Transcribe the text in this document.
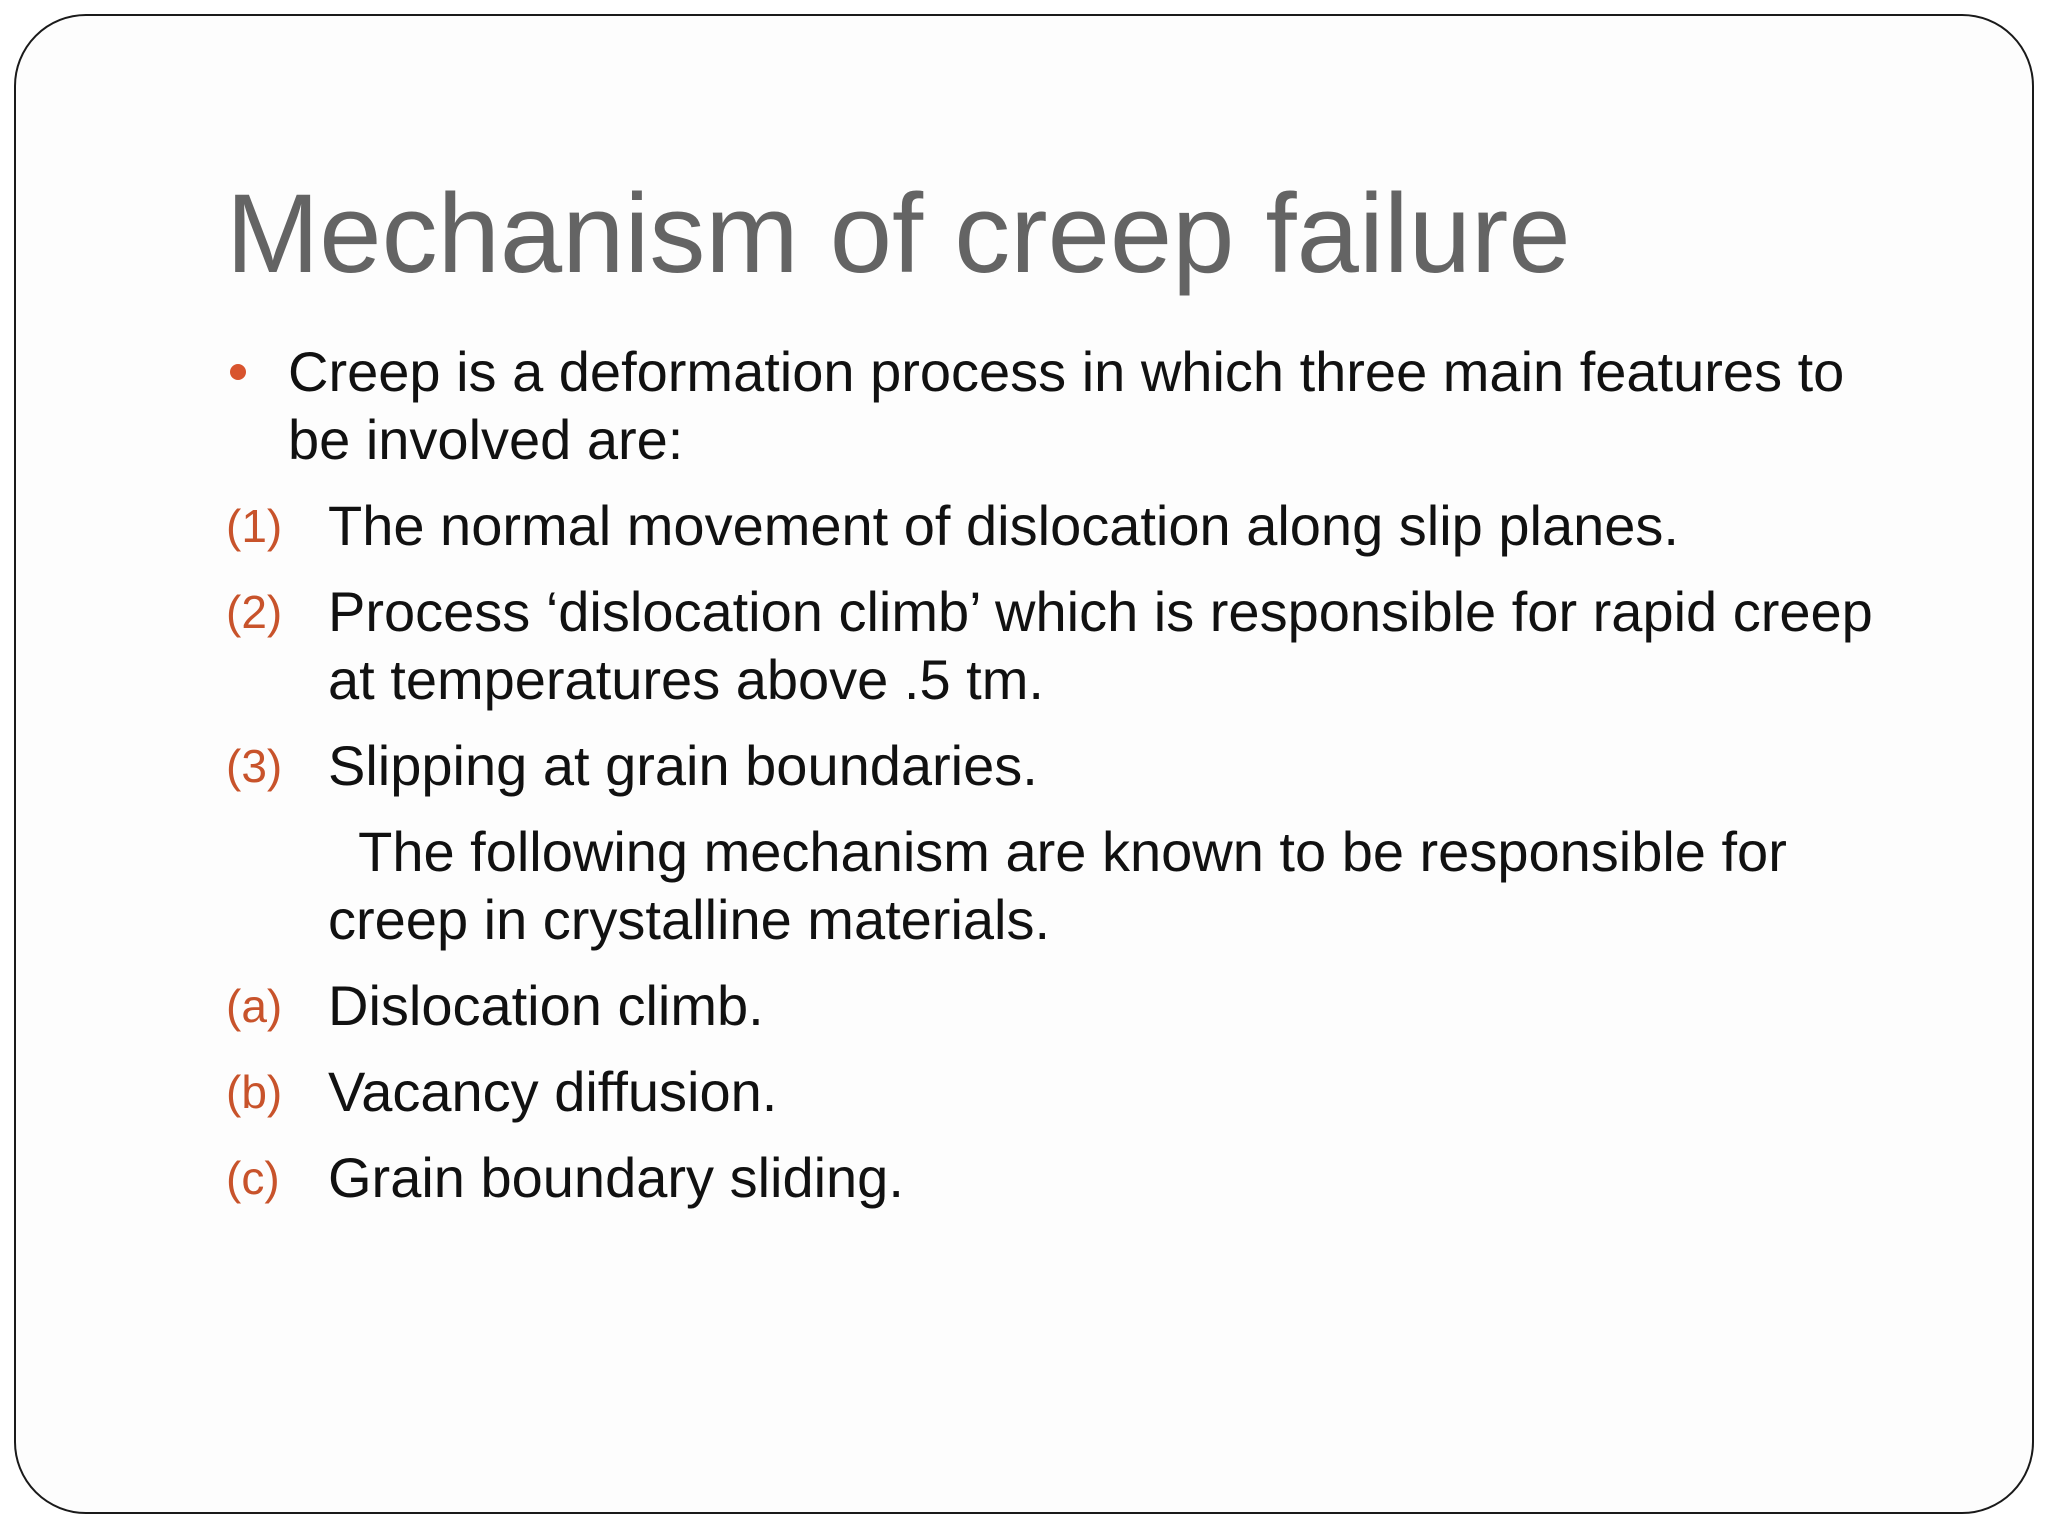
Mechanism of creep failure
Creep is a deformation process in which three main features to
be involved are:
(1) The normal movement of dislocation along slip planes.
(2) Process ‘dislocation climb’ which is responsible for rapid creep
at temperatures above .5 tm.
(3) Slipping at grain boundaries.
The following mechanism are known to be responsible for
creep in crystalline materials.
(a) Dislocation climb.
(b) Vacancy diffusion.
(c) Grain boundary sliding.
